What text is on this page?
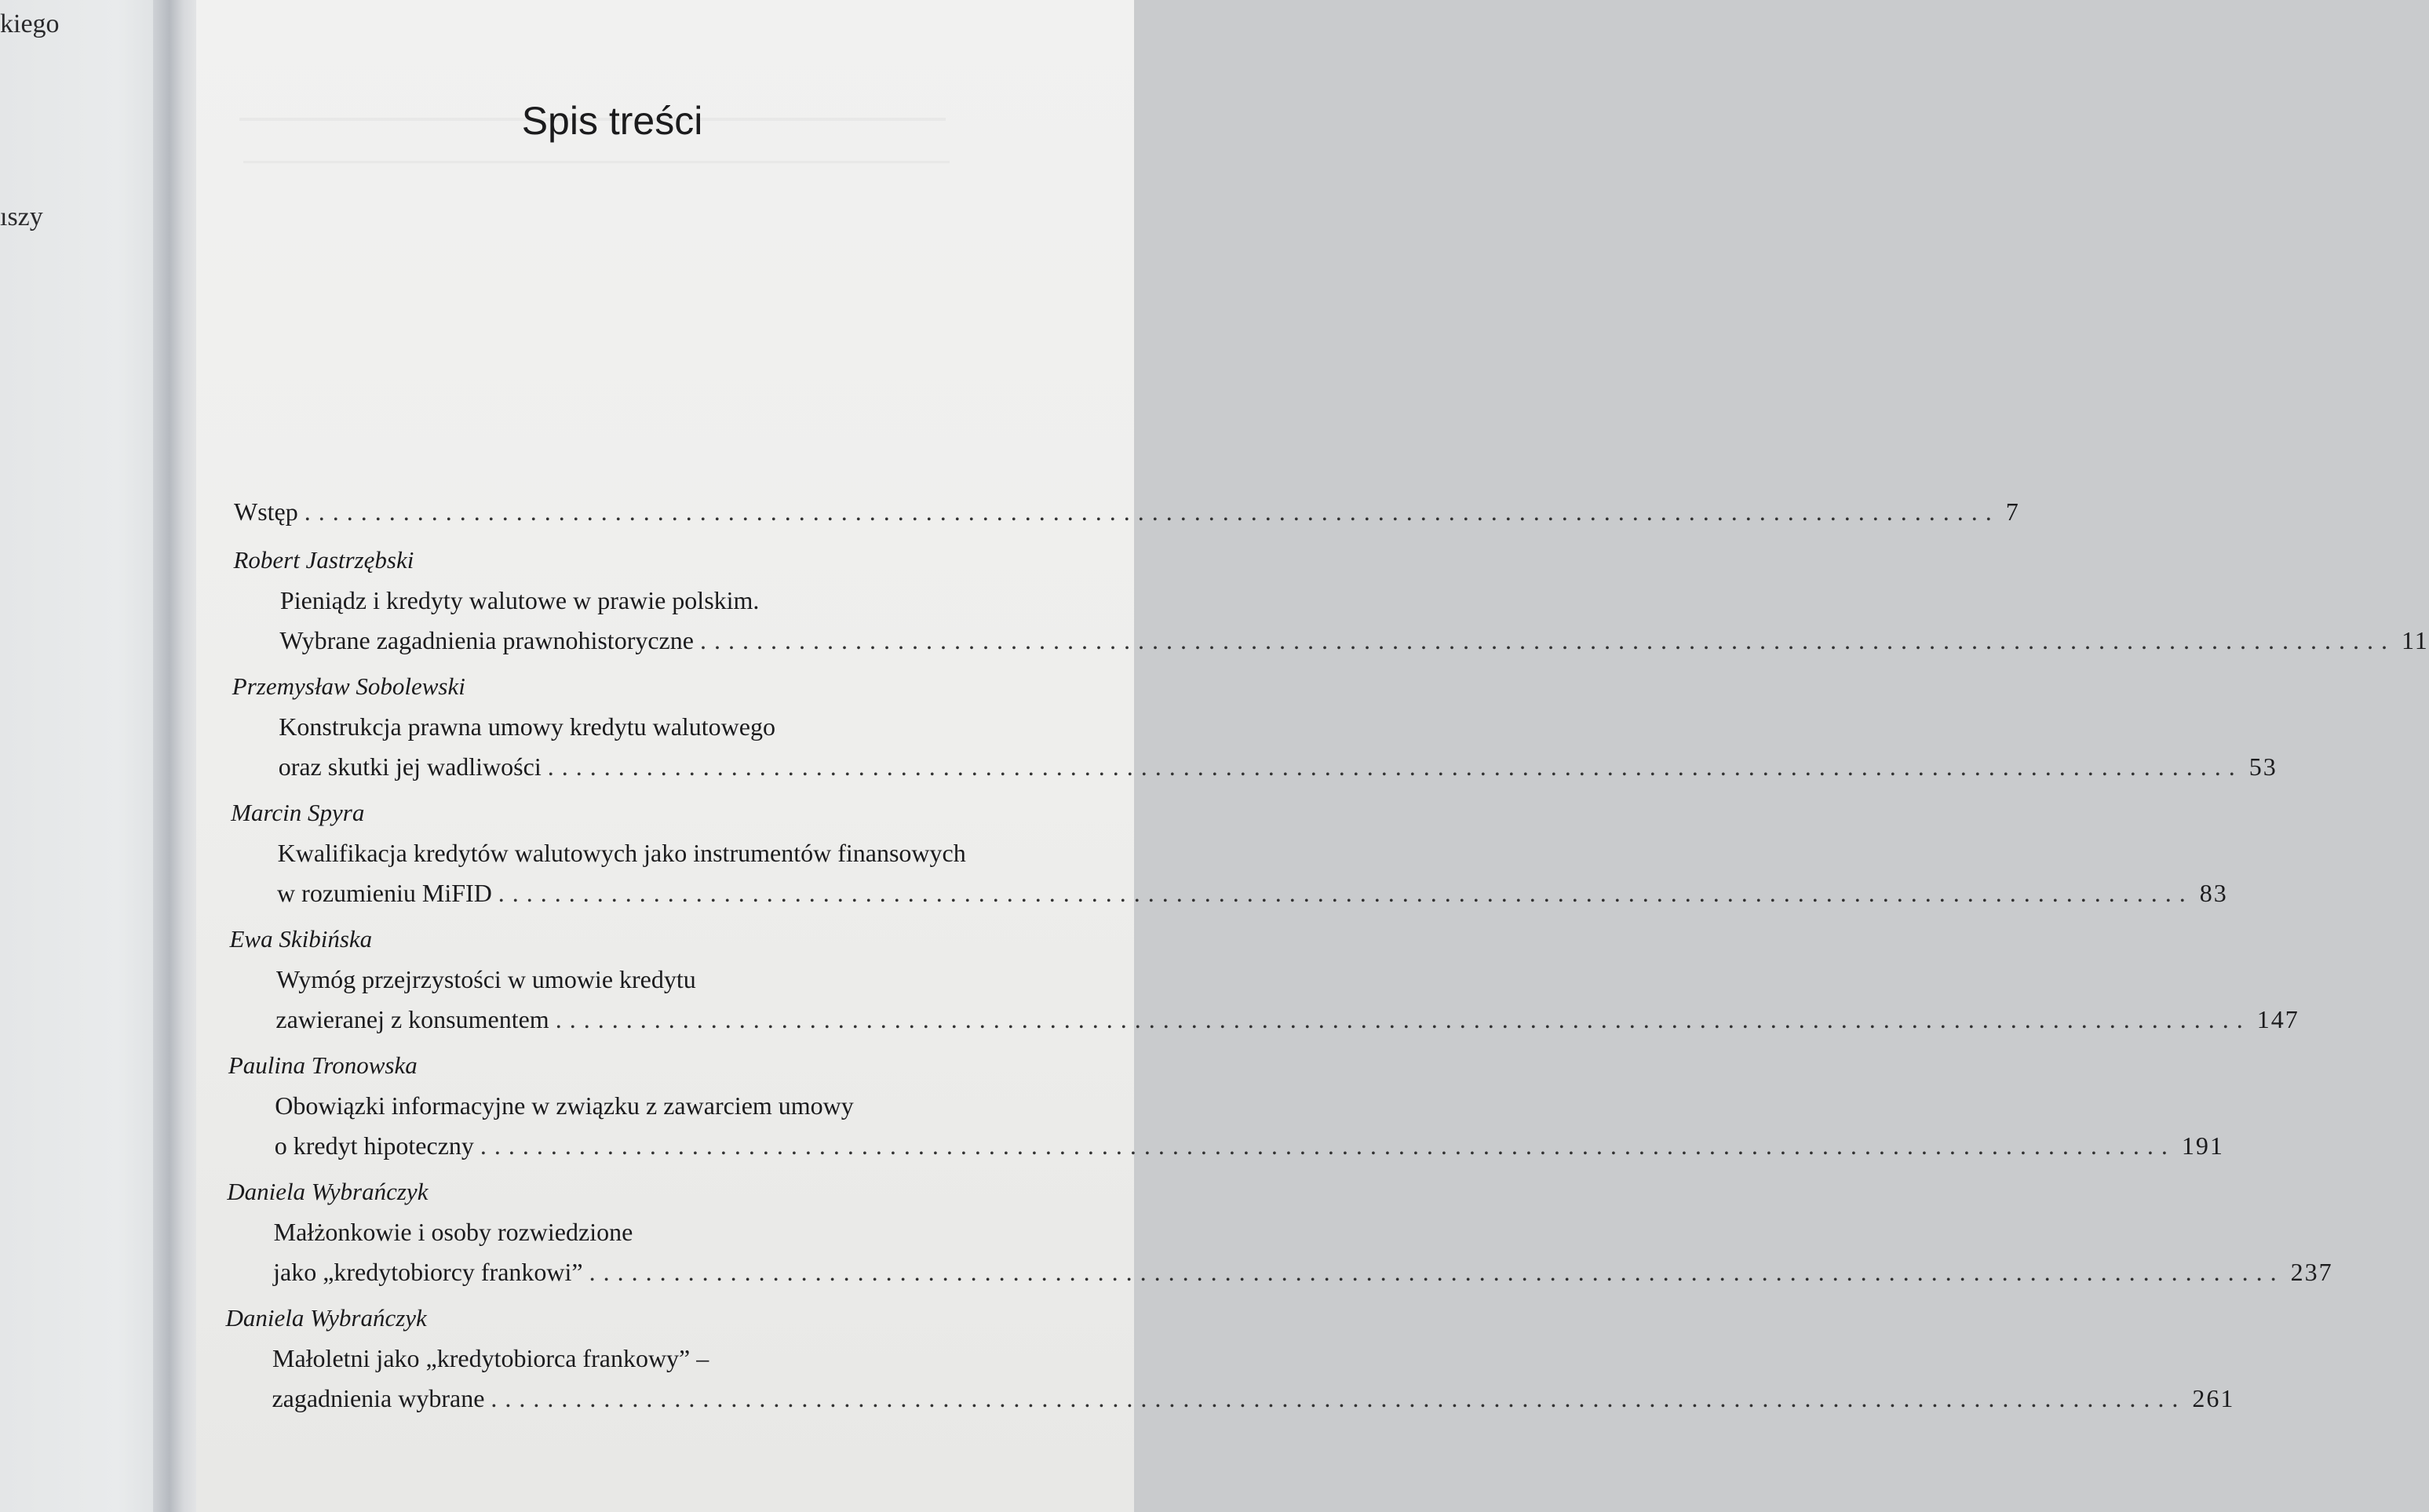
kiego
ıszy
Spis treści
Wstęp ........................................................................................................................ 7
Robert Jastrzębski
Pieniądz i kredyty walutowe w prawie polskim.
Wybrane zagadnienia prawnohistoryczne ........................................................................................................................ 11
Przemysław Sobolewski
Konstrukcja prawna umowy kredytu walutowego
oraz skutki jej wadliwości ........................................................................................................................ 53
Marcin Spyra
Kwalifikacja kredytów walutowych jako instrumentów finansowych
w rozumieniu MiFID ........................................................................................................................ 83
Ewa Skibińska
Wymóg przejrzystości w umowie kredytu
zawieranej z konsumentem ........................................................................................................................ 147
Paulina Tronowska
Obowiązki informacyjne w związku z zawarciem umowy
o kredyt hipoteczny ........................................................................................................................ 191
Daniela Wybrańczyk
Małżonkowie i osoby rozwiedzione
jako „kredytobiorcy frankowi” ........................................................................................................................ 237
Daniela Wybrańczyk
Małoletni jako „kredytobiorca frankowy” –
zagadnienia wybrane ........................................................................................................................ 261
